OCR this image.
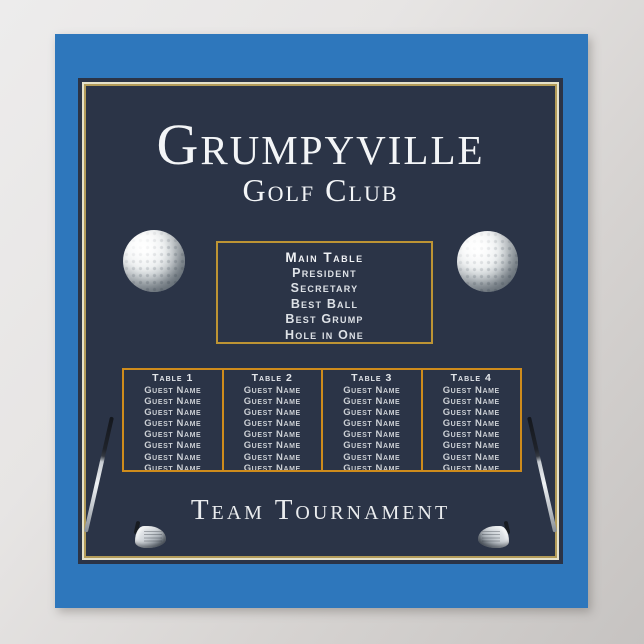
Grumpyville
Golf Club
Main Table
President
Secretary
Best Ball
Best Grump
Hole in One
Table 1
Guest Name
Guest Name
Guest Name
Guest Name
Guest Name
Guest Name
Guest Name
Guest Name
Table 2
Guest Name
Guest Name
Guest Name
Guest Name
Guest Name
Guest Name
Guest Name
Guest Name
Table 3
Guest Name
Guest Name
Guest Name
Guest Name
Guest Name
Guest Name
Guest Name
Guest Name
Table 4
Guest Name
Guest Name
Guest Name
Guest Name
Guest Name
Guest Name
Guest Name
Guest Name
Team Tournament
